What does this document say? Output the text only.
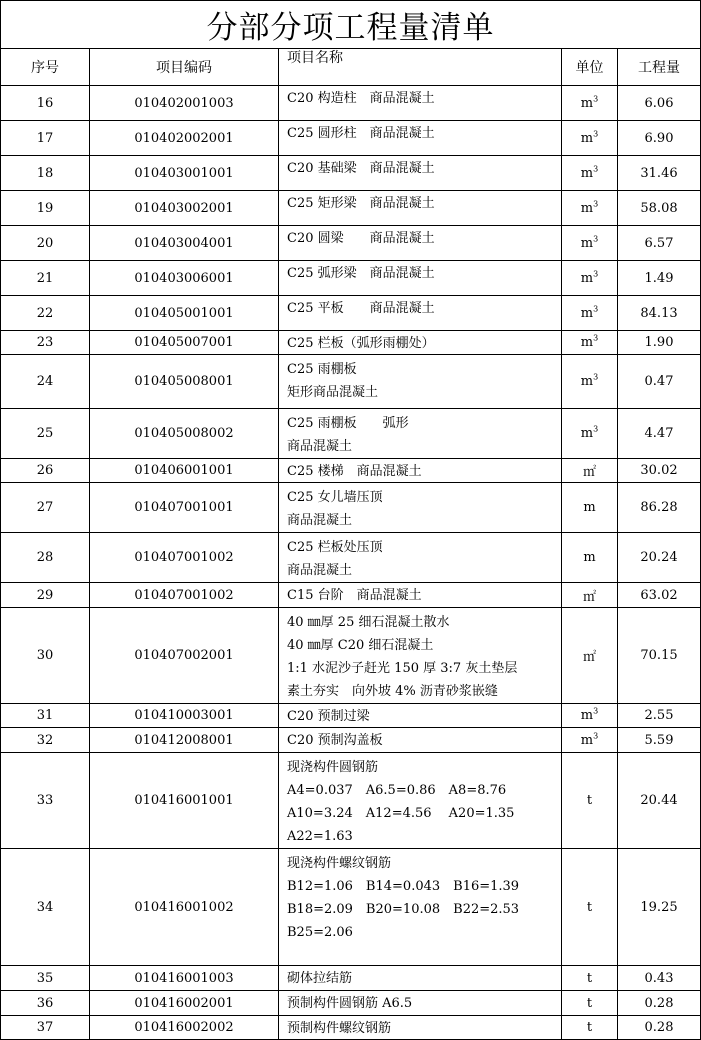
分部分项工程量清单				
序号	项目编码	项目名称	单位	工程量
16	010402001003	C20 构造柱　商品混凝土	$m^3$	6.06
17	010402002001	C25 圆形柱　商品混凝土	$m^3$	6.90
18	010403001001	C20 基础梁　商品混凝土	$m^3$	31.46
19	010403002001	C25 矩形梁　商品混凝土	$m^3$	58.08
20	010403004001	C20 圆梁　　商品混凝土	$m^3$	6.57
21	010403006001	C25 弧形梁　商品混凝土	$m^3$	1.49
22	010405001001	C25 平板　　商品混凝土	$m^3$	84.13
23	010405007001	C25 栏板（弧形雨棚处）	$m^3$	1.90
24	010405008001	C25 雨棚板
矩形商品混凝土	$m^3$	0.47
25	010405008002	C25 雨棚板　　弧形
商品混凝土	$m^3$	4.47
26	010406001001	C25 楼梯　商品混凝土	㎡	30.02
27	010407001001	C25 女儿墙压顶
商品混凝土	m	86.28
28	010407001002	C25 栏板处压顶
商品混凝土	m	20.24
29	010407001002	C15 台阶　商品混凝土	㎡	63.02
30	010407002001	40 ㎜厚 25 细石混凝土散水
40 ㎜厚 C20 细石混凝土
1:1 水泥沙子赶光 150 厚 3:7 灰土垫层
素土夯实　向外坡 4% 沥青砂浆嵌缝	㎡	70.15
31	010410003001	C20 预制过梁	$m^3$	2.55
32	010412008001	C20 预制沟盖板	$m^3$	5.59
33	010416001001	现浇构件圆钢筋
A4=0.037　A6.5=0.86　A8=8.76
A10=3.24　A12=4.56　 A20=1.35
A22=1.63	t	20.44
34	010416001002	现浇构件螺纹钢筋
B12=1.06　B14=0.043　B16=1.39
B18=2.09　B20=10.08　B22=2.53
B25=2.06	t	19.25
35	010416001003	砌体拉结筋	t	0.43
36	010416002001	预制构件圆钢筋 A6.5	t	0.28
37	010416002002	预制构件螺纹钢筋	t	0.28
